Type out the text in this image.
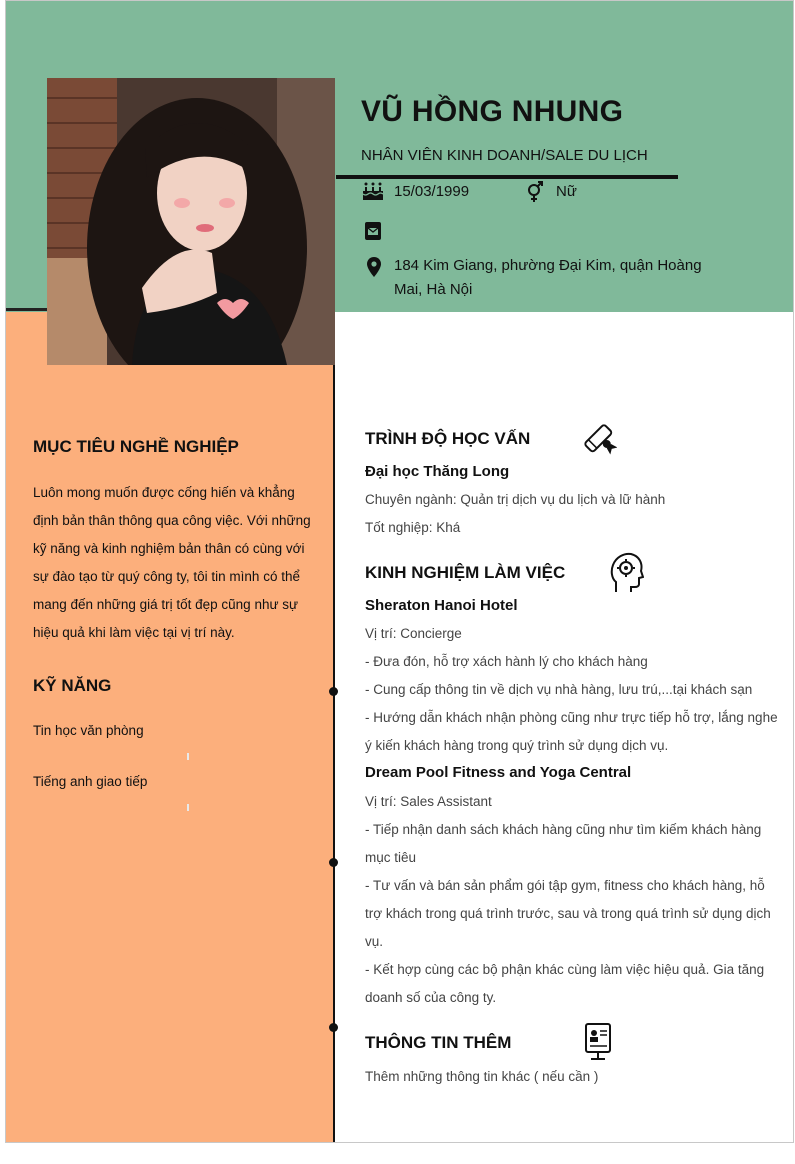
VŨ HỒNG NHUNG
NHÂN VIÊN KINH DOANH/SALE DU LỊCH
15/03/1999	Nữ
184 Kim Giang, phường Đại Kim, quận Hoàng
Mai, Hà Nội
MỤC TIÊU NGHỀ NGHIỆP
Luôn mong muốn được cống hiến và khẳng
định bản thân thông qua công việc. Với những
kỹ năng và kinh nghiệm bản thân có cùng với
sự đào tạo từ quý công ty, tôi tin mình có thể
mang đến những giá trị tốt đẹp cũng như sự
hiệu quả khi làm việc tại vị trí này.
KỸ NĂNG
Tin học văn phòng
Tiếng anh giao tiếp
TRÌNH ĐỘ HỌC VẤN
Đại học Thăng Long
Chuyên ngành: Quản trị dịch vụ du lịch và lữ hành
Tốt nghiệp: Khá
KINH NGHIỆM LÀM VIỆC
Sheraton Hanoi Hotel
Vị trí: Concierge
- Đưa đón, hỗ trợ xách hành lý cho khách hàng
- Cung cấp thông tin về dịch vụ nhà hàng, lưu trú,...tại khách sạn
- Hướng dẫn khách nhận phòng cũng như trực tiếp hỗ trợ, lắng nghe
ý kiến khách hàng trong quý trình sử dụng dịch vụ.
Dream Pool Fitness and Yoga Central
Vị trí: Sales Assistant
- Tiếp nhận danh sách khách hàng cũng như tìm kiếm khách hàng
mục tiêu
- Tư vấn và bán sản phẩm gói tập gym, fitness cho khách hàng, hỗ
trợ khách trong quá trình trước, sau và trong quá trình sử dụng dịch
vụ.
- Kết hợp cùng các bộ phận khác cùng làm việc hiệu quả. Gia tăng
doanh số của công ty.
THÔNG TIN THÊM
Thêm những thông tin khác ( nếu cần )
